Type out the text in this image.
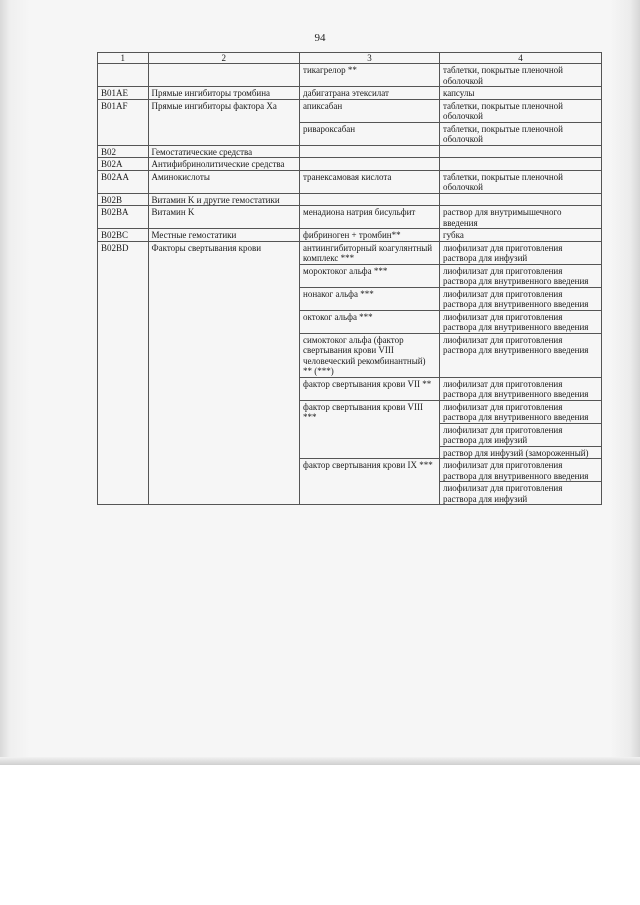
94
1	2	3	4
		тикагрелор **	таблетки, покрытые пленочной оболочкой
B01AE	Прямые ингибиторы тромбина	дабигатрана этексилат	капсулы
B01AF	Прямые ингибиторы фактора Xa	апиксабан	таблетки, покрытые пленочной оболочкой
		ривароксабан	таблетки, покрытые пленочной оболочкой
B02	Гемостатические средства		
B02A	Антифибринолитические средства		
B02AA	Аминокислоты	транексамовая кислота	таблетки, покрытые пленочной оболочкой
B02B	Витамин K и другие гемостатики		
B02BA	Витамин K	менадиона натрия бисульфит	раствор для внутримышечного введения
B02BC	Местные гемостатики	фибриноген + тромбин**	губка
B02BD	Факторы свертывания крови	антиингибиторный коагулянтный комплекс ***	лиофилизат для приготовления раствора для инфузий
		мороктоког альфа ***	лиофилизат для приготовления раствора для внутривенного введения
		нонаког альфа ***	лиофилизат для приготовления раствора для внутривенного введения
		октоког альфа ***	лиофилизат для приготовления раствора для внутривенного введения
		симоктоког альфа (фактор свертывания крови VIII человеческий рекомбинантный) ** (***)	лиофилизат для приготовления раствора для внутривенного введения
		фактор свертывания крови VII **	лиофилизат для приготовления раствора для внутривенного введения
		фактор свертывания крови VIII ***	лиофилизат для приготовления раствора для внутривенного введения
			лиофилизат для приготовления раствора для инфузий
			раствор для инфузий (замороженный)
		фактор свертывания крови IX ***	лиофилизат для приготовления раствора для внутривенного введения
			лиофилизат для приготовления раствора для инфузий
